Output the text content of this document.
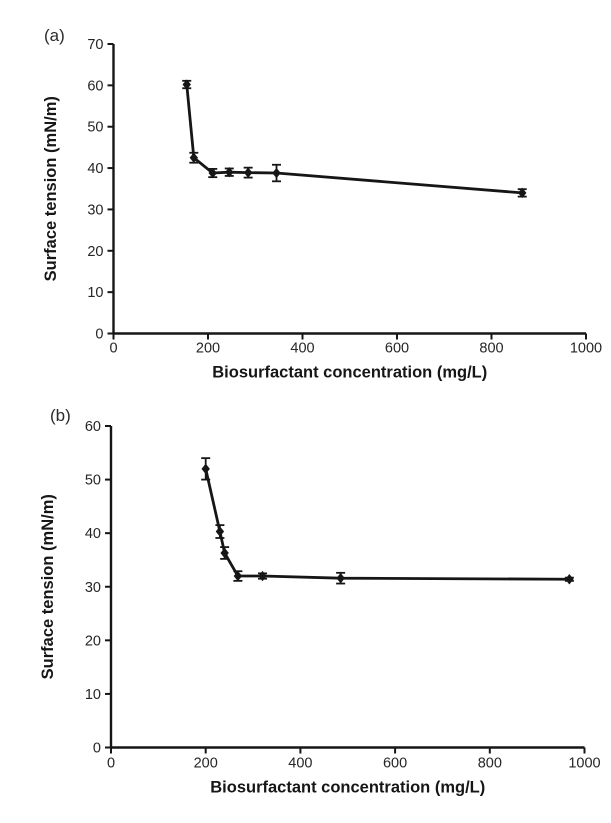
(a)
0
10
20
30
40
50
60
70
0	200	400	600	800	1000
Surface tension (mN/m)
Biosurfactant concentration (mg/L)
(b)
0
10
20
30
40
50
60
0	200	400	600	800	1000
Surface tension (mN/m)
Biosurfactant concentration (mg/L)
